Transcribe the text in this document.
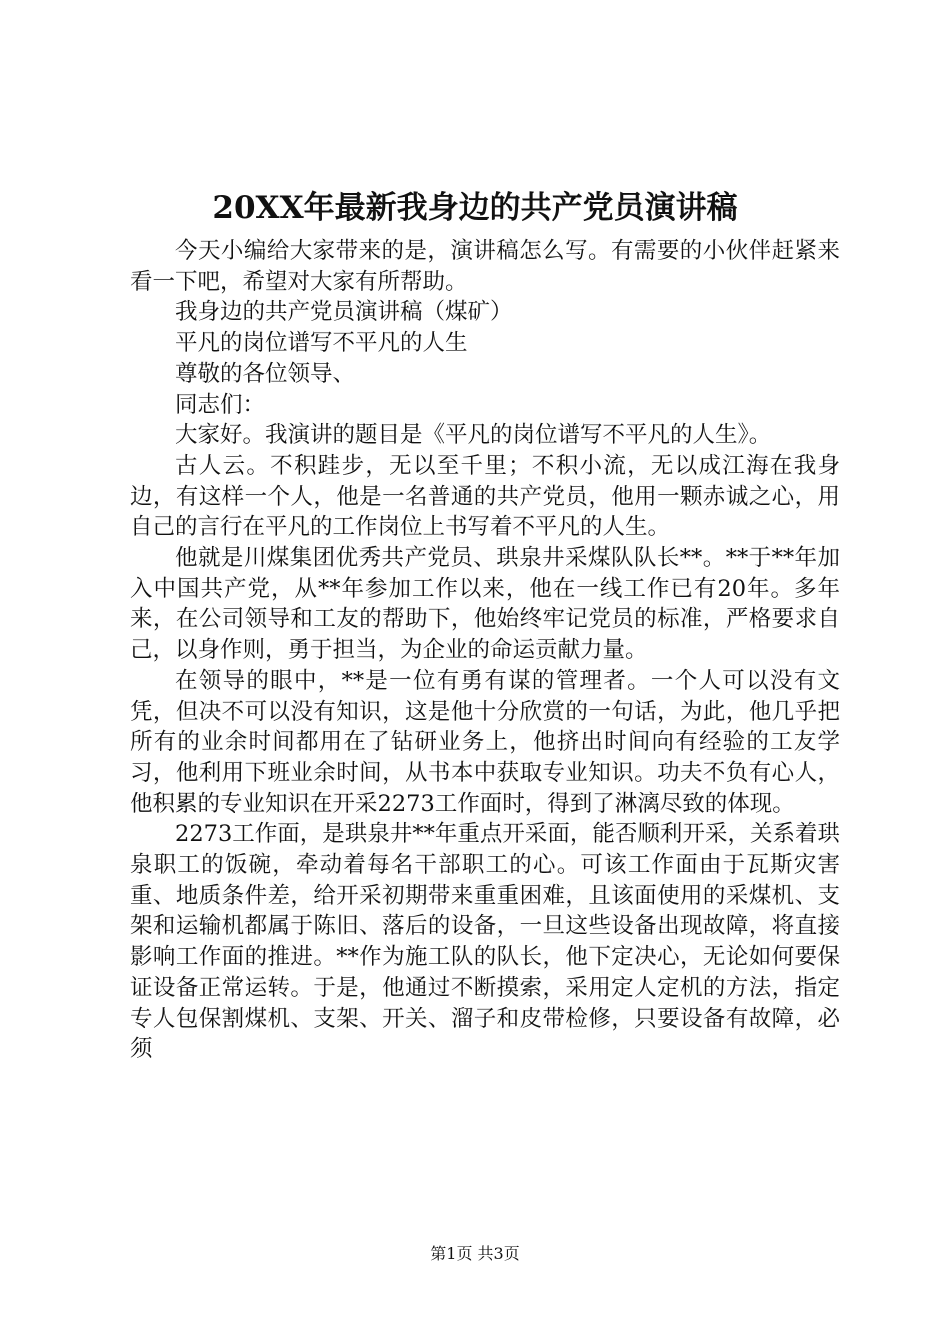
20XX年最新我身边的共产党员演讲稿

今天小编给大家带来的是，演讲稿怎么写。有需要的小伙伴赶紧来看一下吧，希望对大家有所帮助。

我身边的共产党员演讲稿（煤矿）

平凡的岗位谱写不平凡的人生

尊敬的各位领导、

同志们：

大家好。我演讲的题目是《平凡的岗位谱写不平凡的人生》。

古人云。不积跬步，无以至千里；不积小流，无以成江海在我身边，有这样一个人，他是一名普通的共产党员，他用一颗赤诚之心，用自己的言行在平凡的工作岗位上书写着不平凡的人生。

他就是川煤集团优秀共产党员、珙泉井采煤队队长**。**于**年加入中国共产党，从**年参加工作以来，他在一线工作已有20年。多年来，在公司领导和工友的帮助下，他始终牢记党员的标准，严格要求自己，以身作则，勇于担当，为企业的命运贡献力量。

在领导的眼中，**是一位有勇有谋的管理者。一个人可以没有文凭，但决不可以没有知识，这是他十分欣赏的一句话，为此，他几乎把所有的业余时间都用在了钻研业务上，他挤出时间向有经验的工友学习，他利用下班业余时间，从书本中获取专业知识。功夫不负有心人，他积累的专业知识在开采2273工作面时，得到了淋漓尽致的体现。

2273工作面，是珙泉井**年重点开采面，能否顺利开采，关系着珙泉职工的饭碗，牵动着每名干部职工的心。可该工作面由于瓦斯灾害重、地质条件差，给开采初期带来重重困难，且该面使用的采煤机、支架和运输机都属于陈旧、落后的设备，一旦这些设备出现故障，将直接影响工作面的推进。**作为施工队的队长，他下定决心，无论如何要保证设备正常运转。于是，他通过不断摸索，采用定人定机的方法，指定专人包保割煤机、支架、开关、溜子和皮带检修，只要设备有故障，必须

第1页 共3页
